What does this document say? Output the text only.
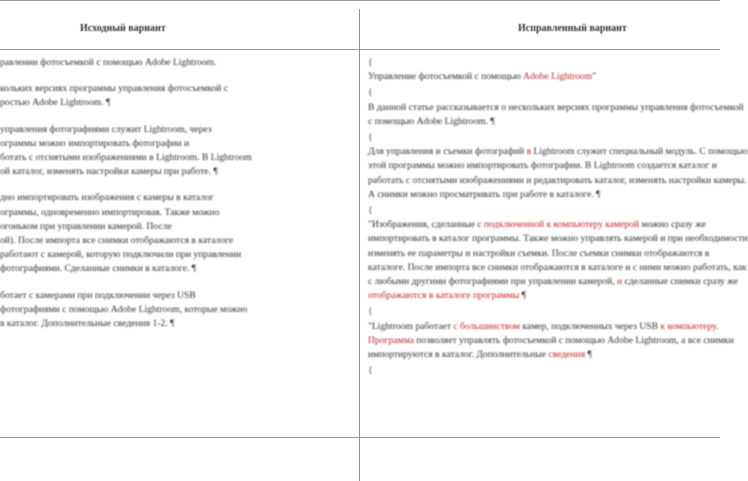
Исходный вариант	Исправленный вариант
равлении фотосъемкой с помощью Adobe Lightroom.
кольких версиях программы управления фотосъемкой с
ростью Adobe Lightroom. ¶
управления фотографиями служит Lightroom, через
ограммы можно импортировать фотографии и
ботать с отснятыми изображениями в Lightroom. В Lightroom
ой каталог, изменять настройки камеры при работе. ¶
дно импортировать изображения с камеры в каталог
ограммы, одновременно импортировав. Также можно
огоньком при управлении камерой. После
ой). После импорта все снимки отображаются в каталоге
работают с камерой, которую подключили при управлении
фотографиями. Сделанные снимки в каталоге. ¶
ботает с камерами при подключении через USB
фотографиями с помощью Adobe Lightroom, которые можно
в каталог. Дополнительные сведения 1-2. ¶
{
Управление фотосъемкой с помощью Adobe Lightroom"
{
В данной статье рассказывается о нескольких версиях программы управления фотосъемкой с помощью Adobe Lightroom. ¶
{
Для управления и съемки фотографий в Lightroom служит специальный модуль. С помощью этой программы можно импортировать фотографии. В Lightroom создается каталог и работать с отснятыми изображениями и редактировать каталог, изменять настройки камеры. А снимки можно просматривать при работе в каталоге. ¶
{
"Изображения, сделанные с подключенной к компьютеру камерой можно сразу же импортировать в каталог программы. Также можно управлять камерой и при необходимости изменять ее параметры и настройки съемки. После съемки снимки отображаются в каталоге. После импорта все снимки отображаются в каталоге и с ними можно работать, как с любыми другими фотографиями при управлении камерой, и сделанные снимки сразу же отображаются в каталоге программы ¶
{
"Lightroom работает с большинством камер, подключенных через USB к компьютеру. Программа позволяет управлять фотосъемкой с помощью Adobe Lightroom, а все снимки импортируются в каталог. Дополнительные сведения ¶
{
